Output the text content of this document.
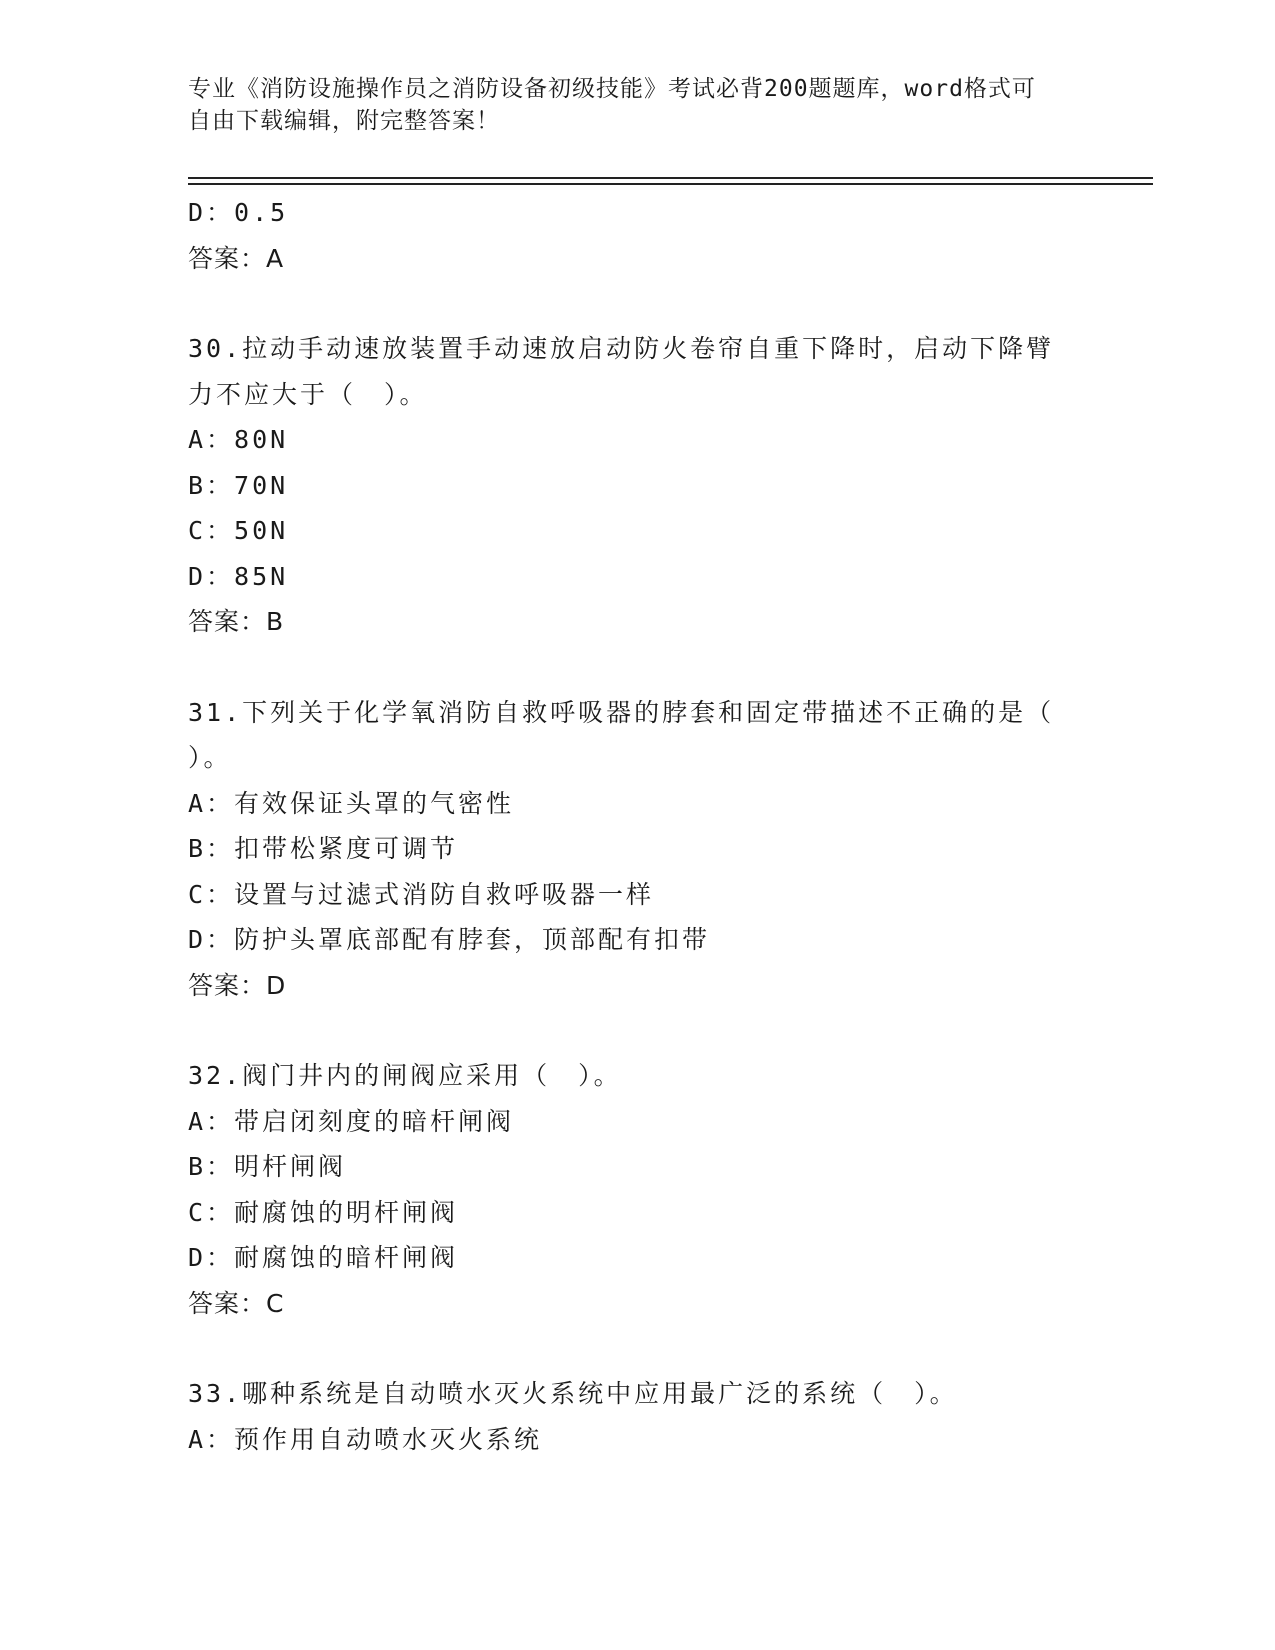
专业《消防设施操作员之消防设备初级技能》考试必背200题题库，word格式可
自由下载编辑，附完整答案！
D：0.5
答案：A
30.拉动手动速放装置手动速放启动防火卷帘自重下降时，启动下降臂
力不应大于（　）。
A：80N
B：70N
C：50N
D：85N
答案：B
31.下列关于化学氧消防自救呼吸器的脖套和固定带描述不正确的是（
）。
A：有效保证头罩的气密性
B：扣带松紧度可调节
C：设置与过滤式消防自救呼吸器一样
D：防护头罩底部配有脖套，顶部配有扣带
答案：D
32.阀门井内的闸阀应采用（　）。
A：带启闭刻度的暗杆闸阀
B：明杆闸阀
C：耐腐蚀的明杆闸阀
D：耐腐蚀的暗杆闸阀
答案：C
33.哪种系统是自动喷水灭火系统中应用最广泛的系统（　）。
A：预作用自动喷水灭火系统
